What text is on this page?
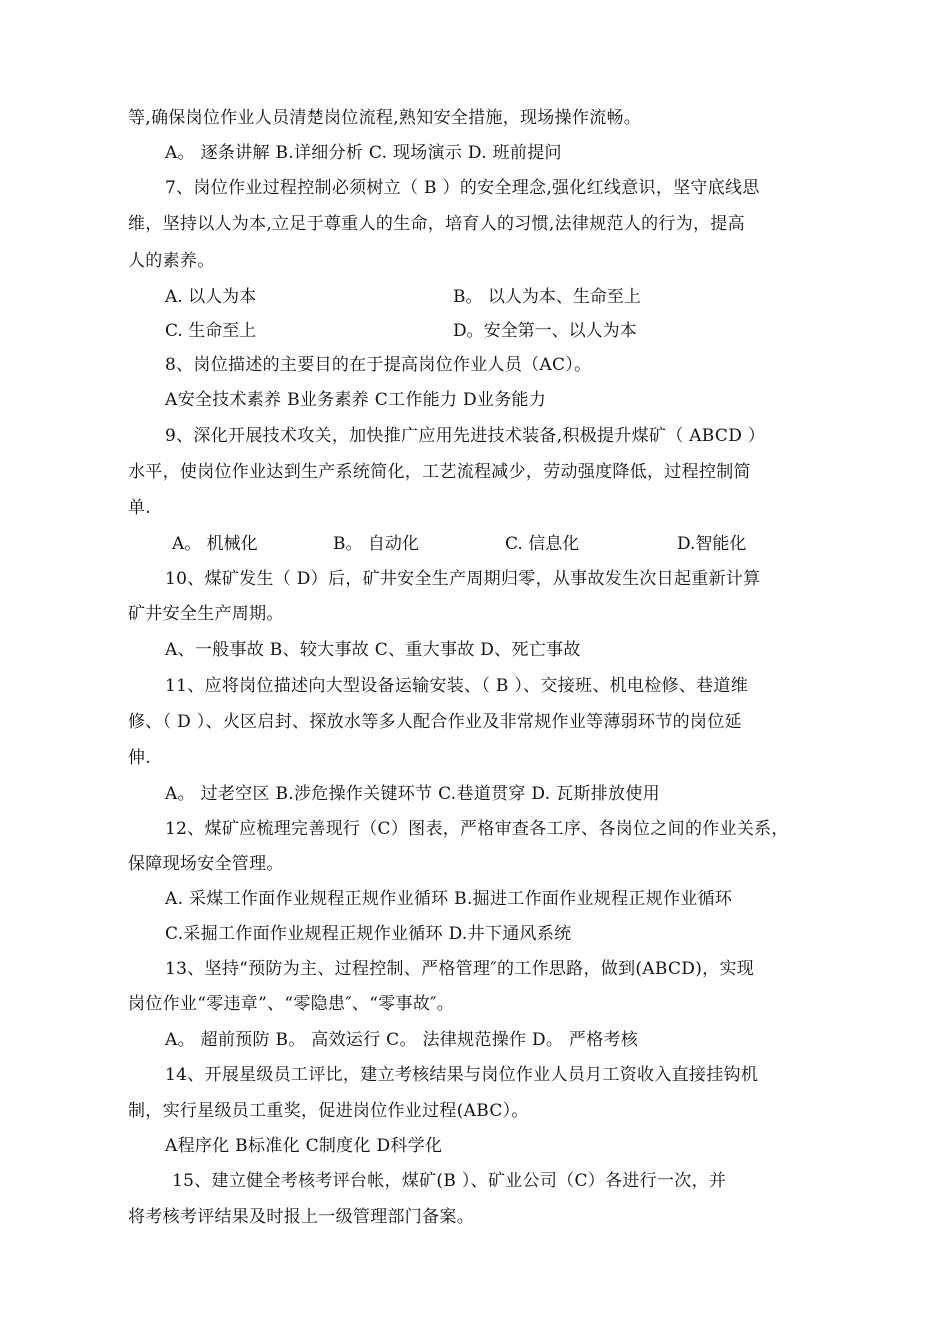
等,确保岗位作业人员清楚岗位流程,熟知安全措施，现场操作流畅。
A。 逐条讲解 B.详细分析 C. 现场演示 D. 班前提问
7、岗位作业过程控制必须树立（ B ）的安全理念,强化红线意识，坚守底线思
维，坚持以人为本,立足于尊重人的生命，培育人的习惯,法律规范人的行为，提高
人的素养。
A. 以人为本	B。 以人为本、生命至上
C. 生命至上	D。安全第一、以人为本
8、岗位描述的主要目的在于提高岗位作业人员（AC）。
A安全技术素养 B业务素养 C工作能力 D业务能力
9、深化开展技术攻关，加快推广应用先进技术装备,积极提升煤矿（ ABCD ）
水平，使岗位作业达到生产系统简化，工艺流程减少，劳动强度降低，过程控制简
单.
A。 机械化	B。 自动化	C. 信息化	D.智能化
10、煤矿发生（ D）后，矿井安全生产周期归零，从事故发生次日起重新计算
矿井安全生产周期。
A、一般事故 B、较大事故 C、重大事故 D、死亡事故
11、应将岗位描述向大型设备运输安装、（ B ）、交接班、机电检修、巷道维
修、（ D ）、火区启封、探放水等多人配合作业及非常规作业等薄弱环节的岗位延
伸.
A。 过老空区 B.涉危操作关键环节 C.巷道贯穿 D. 瓦斯排放使用
12、煤矿应梳理完善现行（C）图表，严格审查各工序、各岗位之间的作业关系，
保障现场安全管理。
A. 采煤工作面作业规程正规作业循环 B.掘进工作面作业规程正规作业循环
C.采掘工作面作业规程正规作业循环 D.井下通风系统
13、坚持“预防为主、过程控制、严格管理″的工作思路，做到(ABCD)，实现
岗位作业“零违章”、“零隐患″、“零事故″。
A。 超前预防 B。 高效运行 C。 法律规范操作 D。 严格考核
14、开展星级员工评比，建立考核结果与岗位作业人员月工资收入直接挂钩机
制，实行星级员工重奖，促进岗位作业过程(ABC）。
A程序化 B标准化 C制度化 D科学化
15、建立健全考核考评台帐，煤矿(B ）、矿业公司（C）各进行一次，并
将考核考评结果及时报上一级管理部门备案。
